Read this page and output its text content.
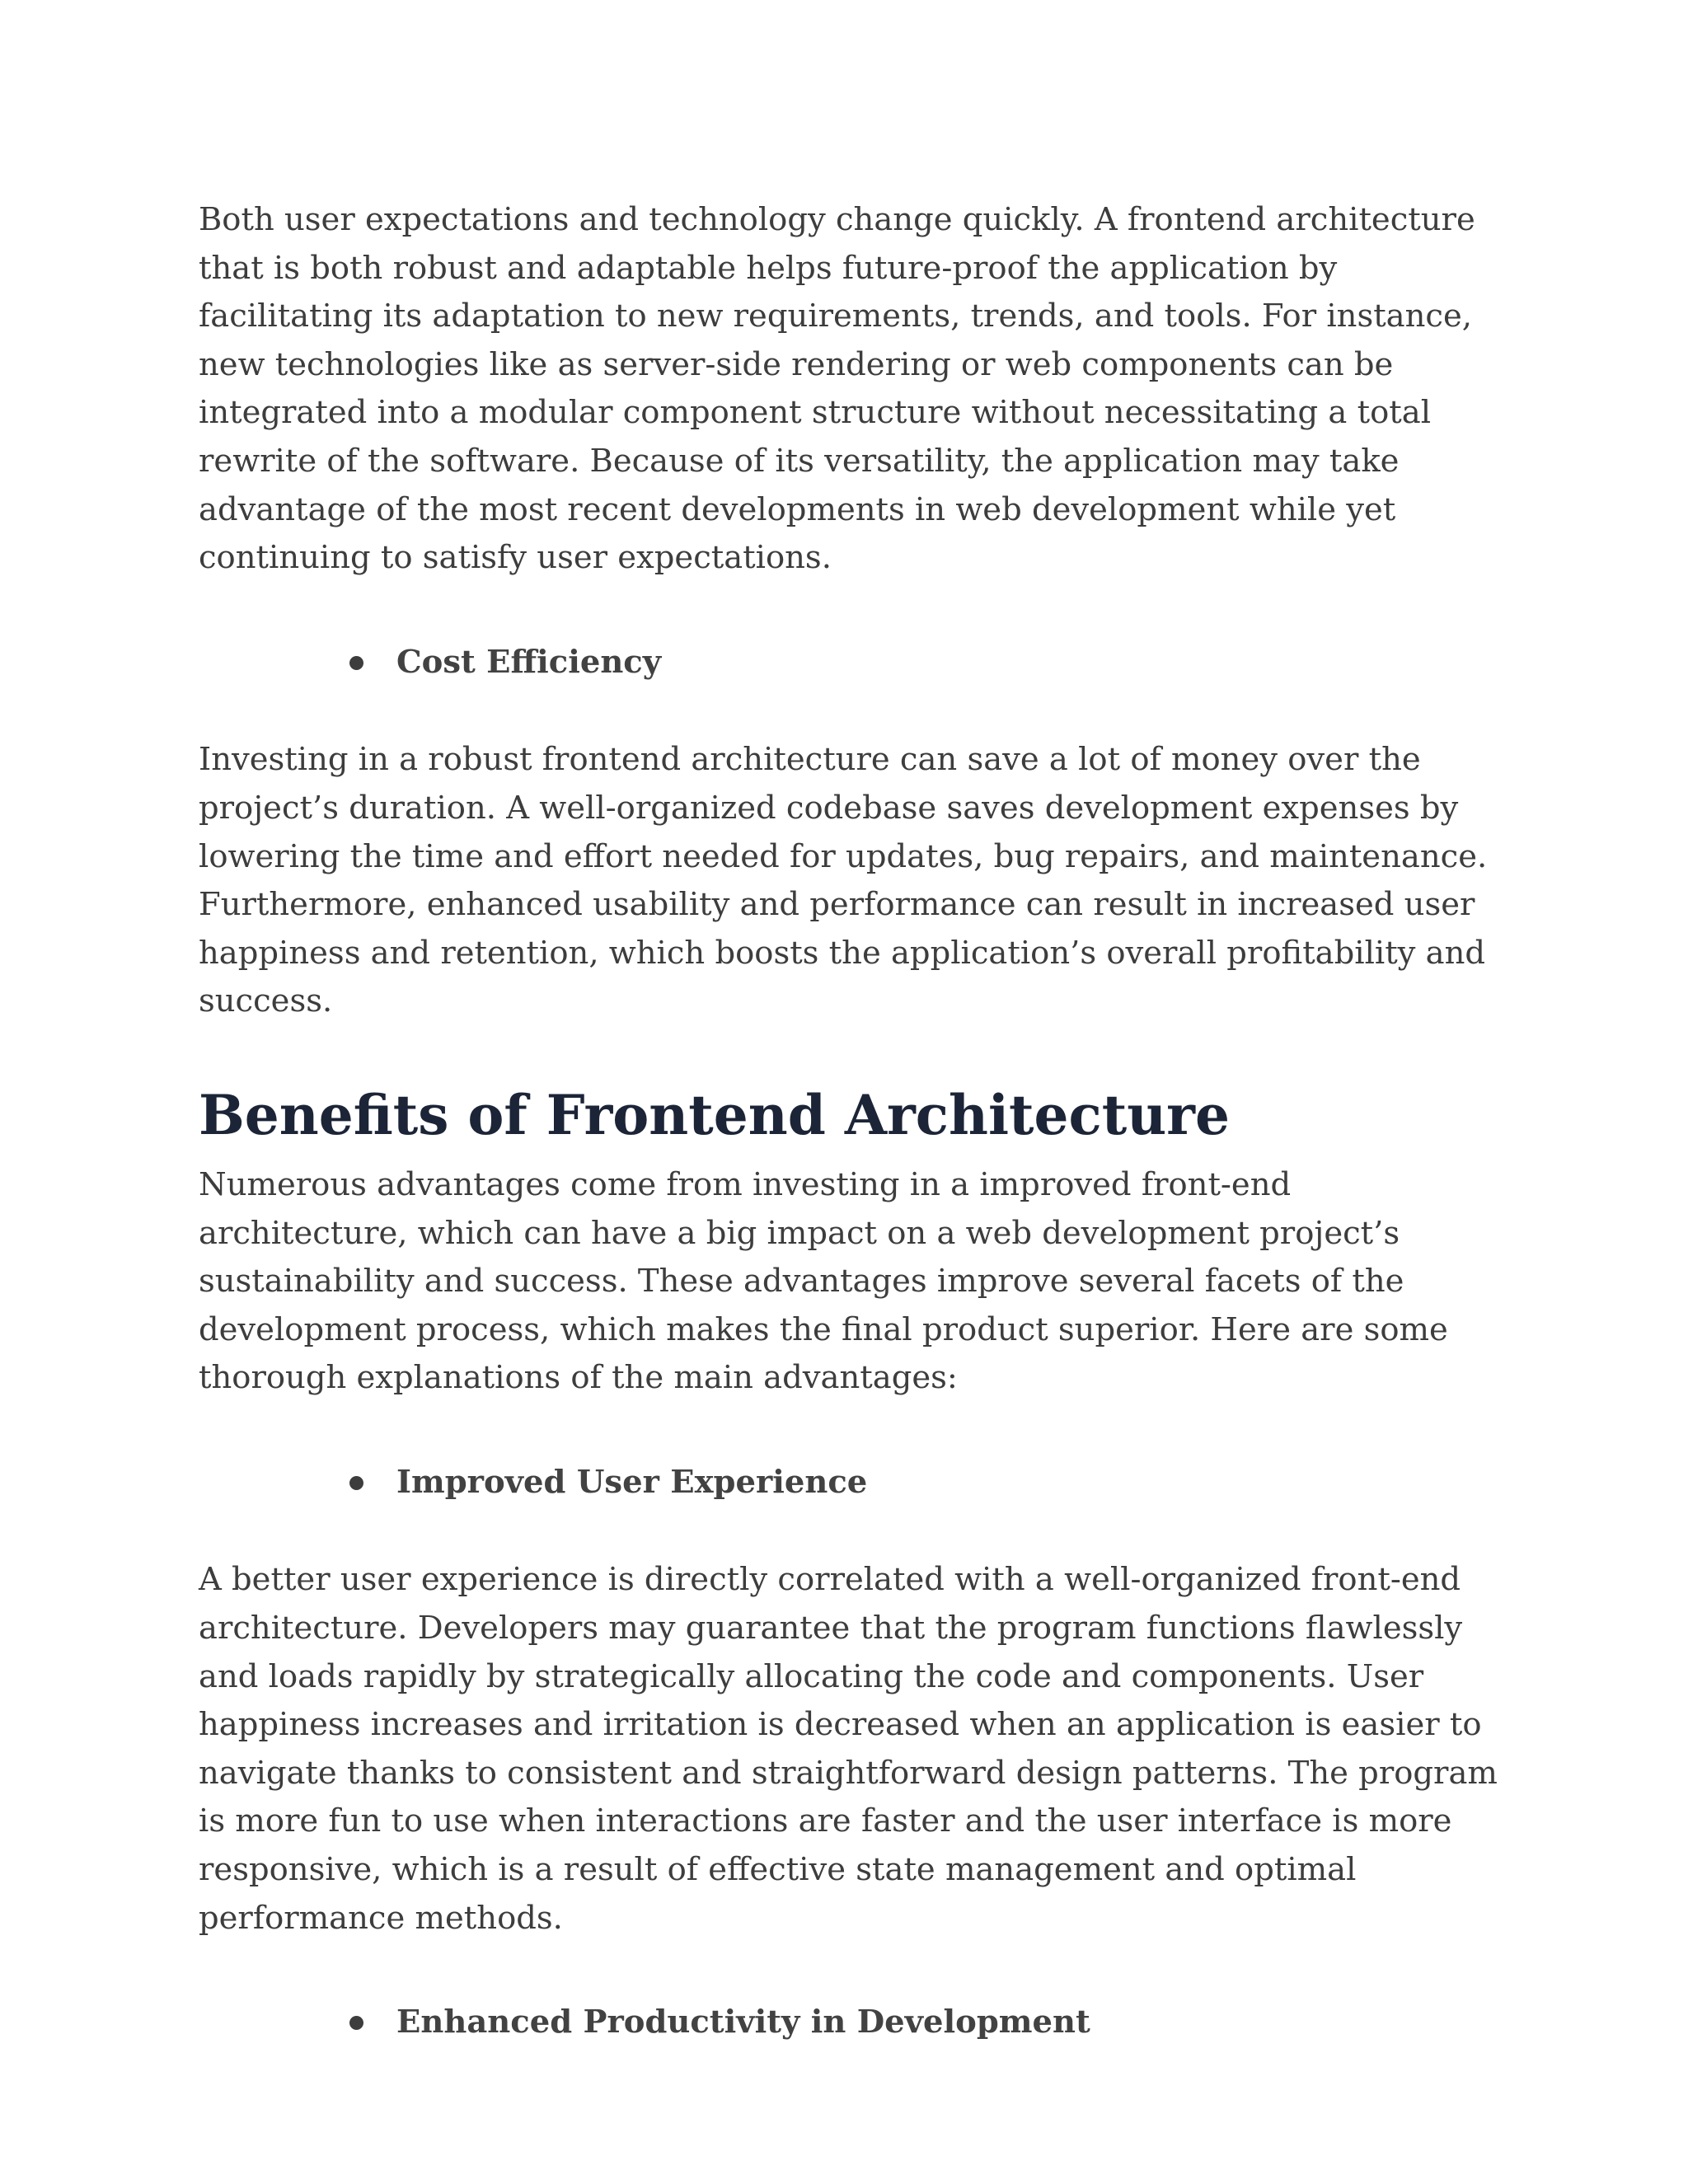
Both user expectations and technology change quickly. A frontend architecture that is both robust and adaptable helps future-proof the application by facilitating its adaptation to new requirements, trends, and tools. For instance, new technologies like as server-side rendering or web components can be integrated into a modular component structure without necessitating a total rewrite of the software. Because of its versatility, the application may take advantage of the most recent developments in web development while yet continuing to satisfy user expectations.

Cost Efficiency

Investing in a robust frontend architecture can save a lot of money over the project’s duration. A well-organized codebase saves development expenses by lowering the time and effort needed for updates, bug repairs, and maintenance. Furthermore, enhanced usability and performance can result in increased user happiness and retention, which boosts the application’s overall profitability and success.

Benefits of Frontend Architecture

Numerous advantages come from investing in a improved front-end architecture, which can have a big impact on a web development project’s sustainability and success. These advantages improve several facets of the development process, which makes the final product superior. Here are some thorough explanations of the main advantages:

Improved User Experience

A better user experience is directly correlated with a well-organized front-end architecture. Developers may guarantee that the program functions flawlessly and loads rapidly by strategically allocating the code and components. User happiness increases and irritation is decreased when an application is easier to navigate thanks to consistent and straightforward design patterns. The program is more fun to use when interactions are faster and the user interface is more responsive, which is a result of effective state management and optimal performance methods.

Enhanced Productivity in Development
